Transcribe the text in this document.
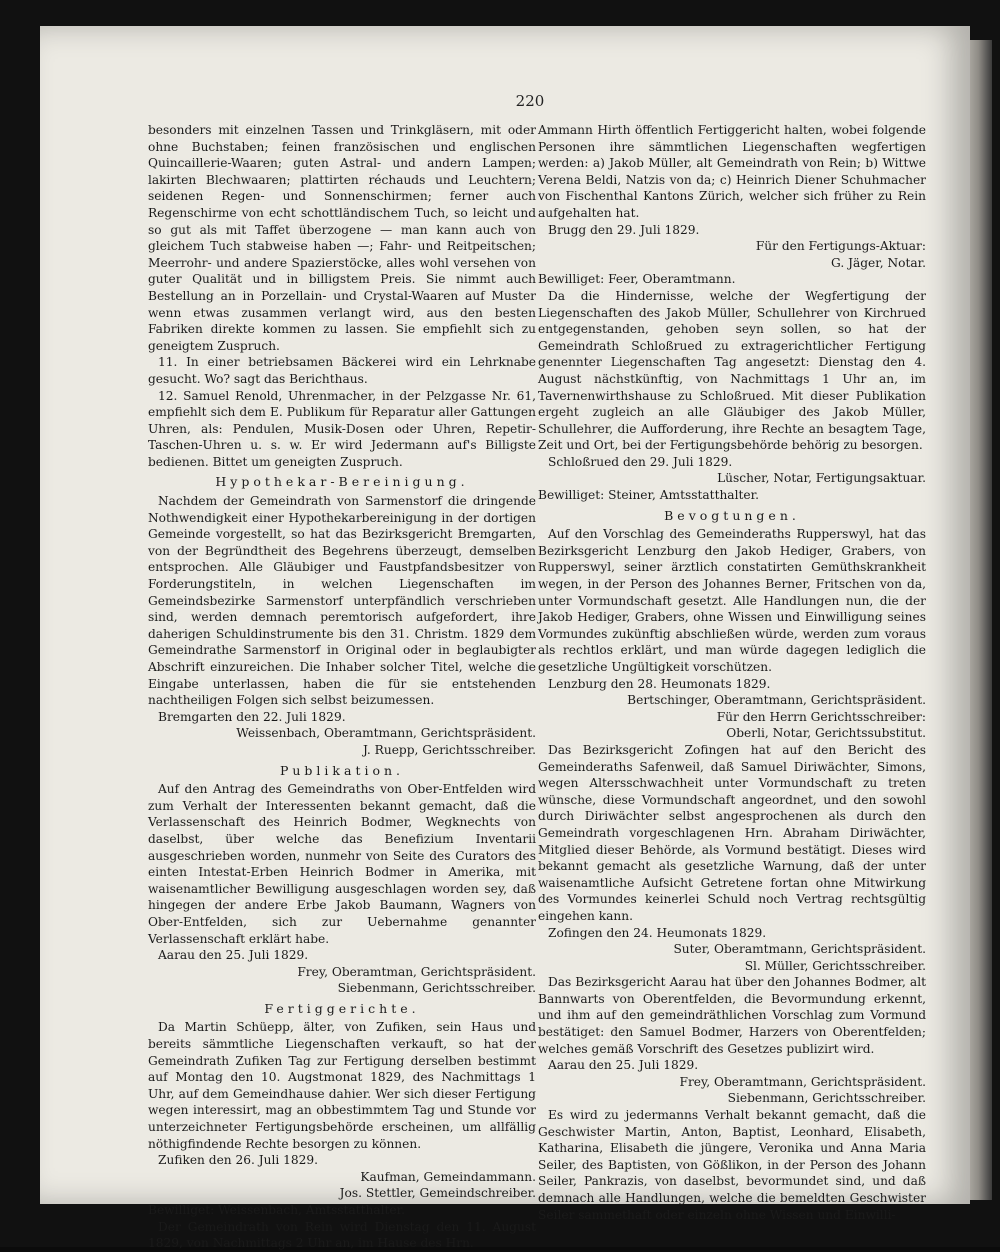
220

besonders mit einzelnen Tassen und Trinkgläsern, mit oder ohne Buchstaben; feinen französischen und englischen Quincaillerie-Waaren; guten Astral- und andern Lampen; lakirten Blechwaaren; plattirten réchauds und Leuchtern; seidenen Regen- und Sonnenschirmen; ferner auch Regenschirme von echt schottländischem Tuch, so leicht und so gut als mit Taffet überzogene — man kann auch von gleichem Tuch stabweise haben —; Fahr- und Reitpeitschen; Meerrohr- und andere Spazierstöcke, alles wohl versehen von guter Qualität und in billigstem Preis. Sie nimmt auch Bestellung an in Porzellain- und Crystal-Waaren auf Muster wenn etwas zusammen verlangt wird, aus den besten Fabriken direkte kommen zu lassen. Sie empfiehlt sich zu geneigtem Zuspruch.

11. In einer betriebsamen Bäckerei wird ein Lehrknabe gesucht. Wo? sagt das Berichthaus.

12. Samuel Renold, Uhrenmacher, in der Pelzgasse Nr. 61, empfiehlt sich dem E. Publikum für Reparatur aller Gattungen Uhren, als: Pendulen, Musik-Dosen oder Uhren, Repetir-Taschen-Uhren u. s. w. Er wird Jedermann auf's Billigste bedienen. Bittet um geneigten Zuspruch.

Hypothekar-Bereinigung.

Nachdem der Gemeindrath von Sarmenstorf die dringende Nothwendigkeit einer Hypothekarbereinigung in der dortigen Gemeinde vorgestellt, so hat das Bezirksgericht Bremgarten, von der Begründtheit des Begehrens überzeugt, demselben entsprochen. Alle Gläubiger und Faustpfandsbesitzer von Forderungstiteln, in welchen Liegenschaften im Gemeindsbezirke Sarmenstorf unterpfändlich verschrieben sind, werden demnach peremtorisch aufgefordert, ihre daherigen Schuldinstrumente bis den 31. Christm. 1829 dem Gemeindrathe Sarmenstorf in Original oder in beglaubigter Abschrift einzureichen. Die Inhaber solcher Titel, welche die Eingabe unterlassen, haben die für sie entstehenden nachtheiligen Folgen sich selbst beizumessen.

Bremgarten den 22. Juli 1829.

Weissenbach, Oberamtmann, Gerichtspräsident.

J. Ruepp, Gerichtsschreiber.

Publikation.

Auf den Antrag des Gemeindraths von Ober-Entfelden wird zum Verhalt der Interessenten bekannt gemacht, daß die Verlassenschaft des Heinrich Bodmer, Wegknechts von daselbst, über welche das Benefizium Inventarii ausgeschrieben worden, nunmehr von Seite des Curators des einten Intestat-Erben Heinrich Bodmer in Amerika, mit waisenamtlicher Bewilligung ausgeschlagen worden sey, daß hingegen der andere Erbe Jakob Baumann, Wagners von Ober-Entfelden, sich zur Uebernahme genannter Verlassenschaft erklärt habe.

Aarau den 25. Juli 1829.

Frey, Oberamtman, Gerichtspräsident.

Siebenmann, Gerichtsschreiber.

Fertiggerichte.

Da Martin Schüepp, älter, von Zufiken, sein Haus und bereits sämmtliche Liegenschaften verkauft, so hat der Gemeindrath Zufiken Tag zur Fertigung derselben bestimmt auf Montag den 10. Augstmonat 1829, des Nachmittags 1 Uhr, auf dem Gemeindhause dahier. Wer sich dieser Fertigung wegen interessirt, mag an obbestimmtem Tag und Stunde vor unterzeichneter Fertigungsbehörde erscheinen, um allfällig nöthigfindende Rechte besorgen zu können.

Zufiken den 26. Juli 1829.

Kaufman, Gemeindammann.

Jos. Stettler, Gemeindschreiber.

Bewilliget: Weissenbach, Amtsstatthalter.

Der Gemeindrath von Rein wird Dienstag den 11. August 1829, von Nachmittags 2 Uhr an, im Hause des Hrn.

Ammann Hirth öffentlich Fertiggericht halten, wobei folgende Personen ihre sämmtlichen Liegenschaften wegfertigen werden: a) Jakob Müller, alt Gemeindrath von Rein; b) Wittwe Verena Beldi, Natzis von da; c) Heinrich Diener Schuhmacher von Fischenthal Kantons Zürich, welcher sich früher zu Rein aufgehalten hat.

Brugg den 29. Juli 1829.

Für den Fertigungs-Aktuar:

G. Jäger, Notar.

Bewilliget: Feer, Oberamtmann.

Da die Hindernisse, welche der Wegfertigung der Liegenschaften des Jakob Müller, Schullehrer von Kirchrued entgegenstanden, gehoben seyn sollen, so hat der Gemeindrath Schloßrued zu extragerichtlicher Fertigung genennter Liegenschaften Tag angesetzt: Dienstag den 4. August nächstkünftig, von Nachmittags 1 Uhr an, im Tavernenwirthshause zu Schloßrued. Mit dieser Publikation ergeht zugleich an alle Gläubiger des Jakob Müller, Schullehrer, die Aufforderung, ihre Rechte an besagtem Tage, Zeit und Ort, bei der Fertigungsbehörde behörig zu besorgen.

Schloßrued den 29. Juli 1829.

Lüscher, Notar, Fertigungsaktuar.

Bewilliget: Steiner, Amtsstatthalter.

Bevogtungen.

Auf den Vorschlag des Gemeinderaths Rupperswyl, hat das Bezirksgericht Lenzburg den Jakob Hediger, Grabers, von Rupperswyl, seiner ärztlich constatirten Gemüthskrankheit wegen, in der Person des Johannes Berner, Fritschen von da, unter Vormundschaft gesetzt. Alle Handlungen nun, die der Jakob Hediger, Grabers, ohne Wissen und Einwilligung seines Vormundes zukünftig abschließen würde, werden zum voraus als rechtlos erklärt, und man würde dagegen lediglich die gesetzliche Ungültigkeit vorschützen.

Lenzburg den 28. Heumonats 1829.

Bertschinger, Oberamtmann, Gerichtspräsident.

Für den Herrn Gerichtsschreiber:

Oberli, Notar, Gerichtssubstitut.

Das Bezirksgericht Zofingen hat auf den Bericht des Gemeinderaths Safenweil, daß Samuel Diriwächter, Simons, wegen Altersschwachheit unter Vormundschaft zu treten wünsche, diese Vormundschaft angeordnet, und den sowohl durch Diriwächter selbst angesprochenen als durch den Gemeindrath vorgeschlagenen Hrn. Abraham Diriwächter, Mitglied dieser Behörde, als Vormund bestätigt. Dieses wird bekannt gemacht als gesetzliche Warnung, daß der unter waisenamtliche Aufsicht Getretene fortan ohne Mitwirkung des Vormundes keinerlei Schuld noch Vertrag rechtsgültig eingehen kann.

Zofingen den 24. Heumonats 1829.

Suter, Oberamtmann, Gerichtspräsident.

Sl. Müller, Gerichtsschreiber.

Das Bezirksgericht Aarau hat über den Johannes Bodmer, alt Bannwarts von Oberentfelden, die Bevormundung erkennt, und ihm auf den gemeindräthlichen Vorschlag zum Vormund bestätiget: den Samuel Bodmer, Harzers von Oberentfelden; welches gemäß Vorschrift des Gesetzes publizirt wird.

Aarau den 25. Juli 1829.

Frey, Oberamtmann, Gerichtspräsident.

Siebenmann, Gerichtsschreiber.

Es wird zu jedermanns Verhalt bekannt gemacht, daß die Geschwister Martin, Anton, Baptist, Leonhard, Elisabeth, Katharina, Elisabeth die jüngere, Veronika und Anna Maria Seiler, des Baptisten, von Gößlikon, in der Person des Johann Seiler, Pankrazis, von daselbst, bevormundet sind, und daß demnach alle Handlungen, welche die bemeldten Geschwister Seiler sammethaft oder einzeln ohne Wissen und Einwilli-
